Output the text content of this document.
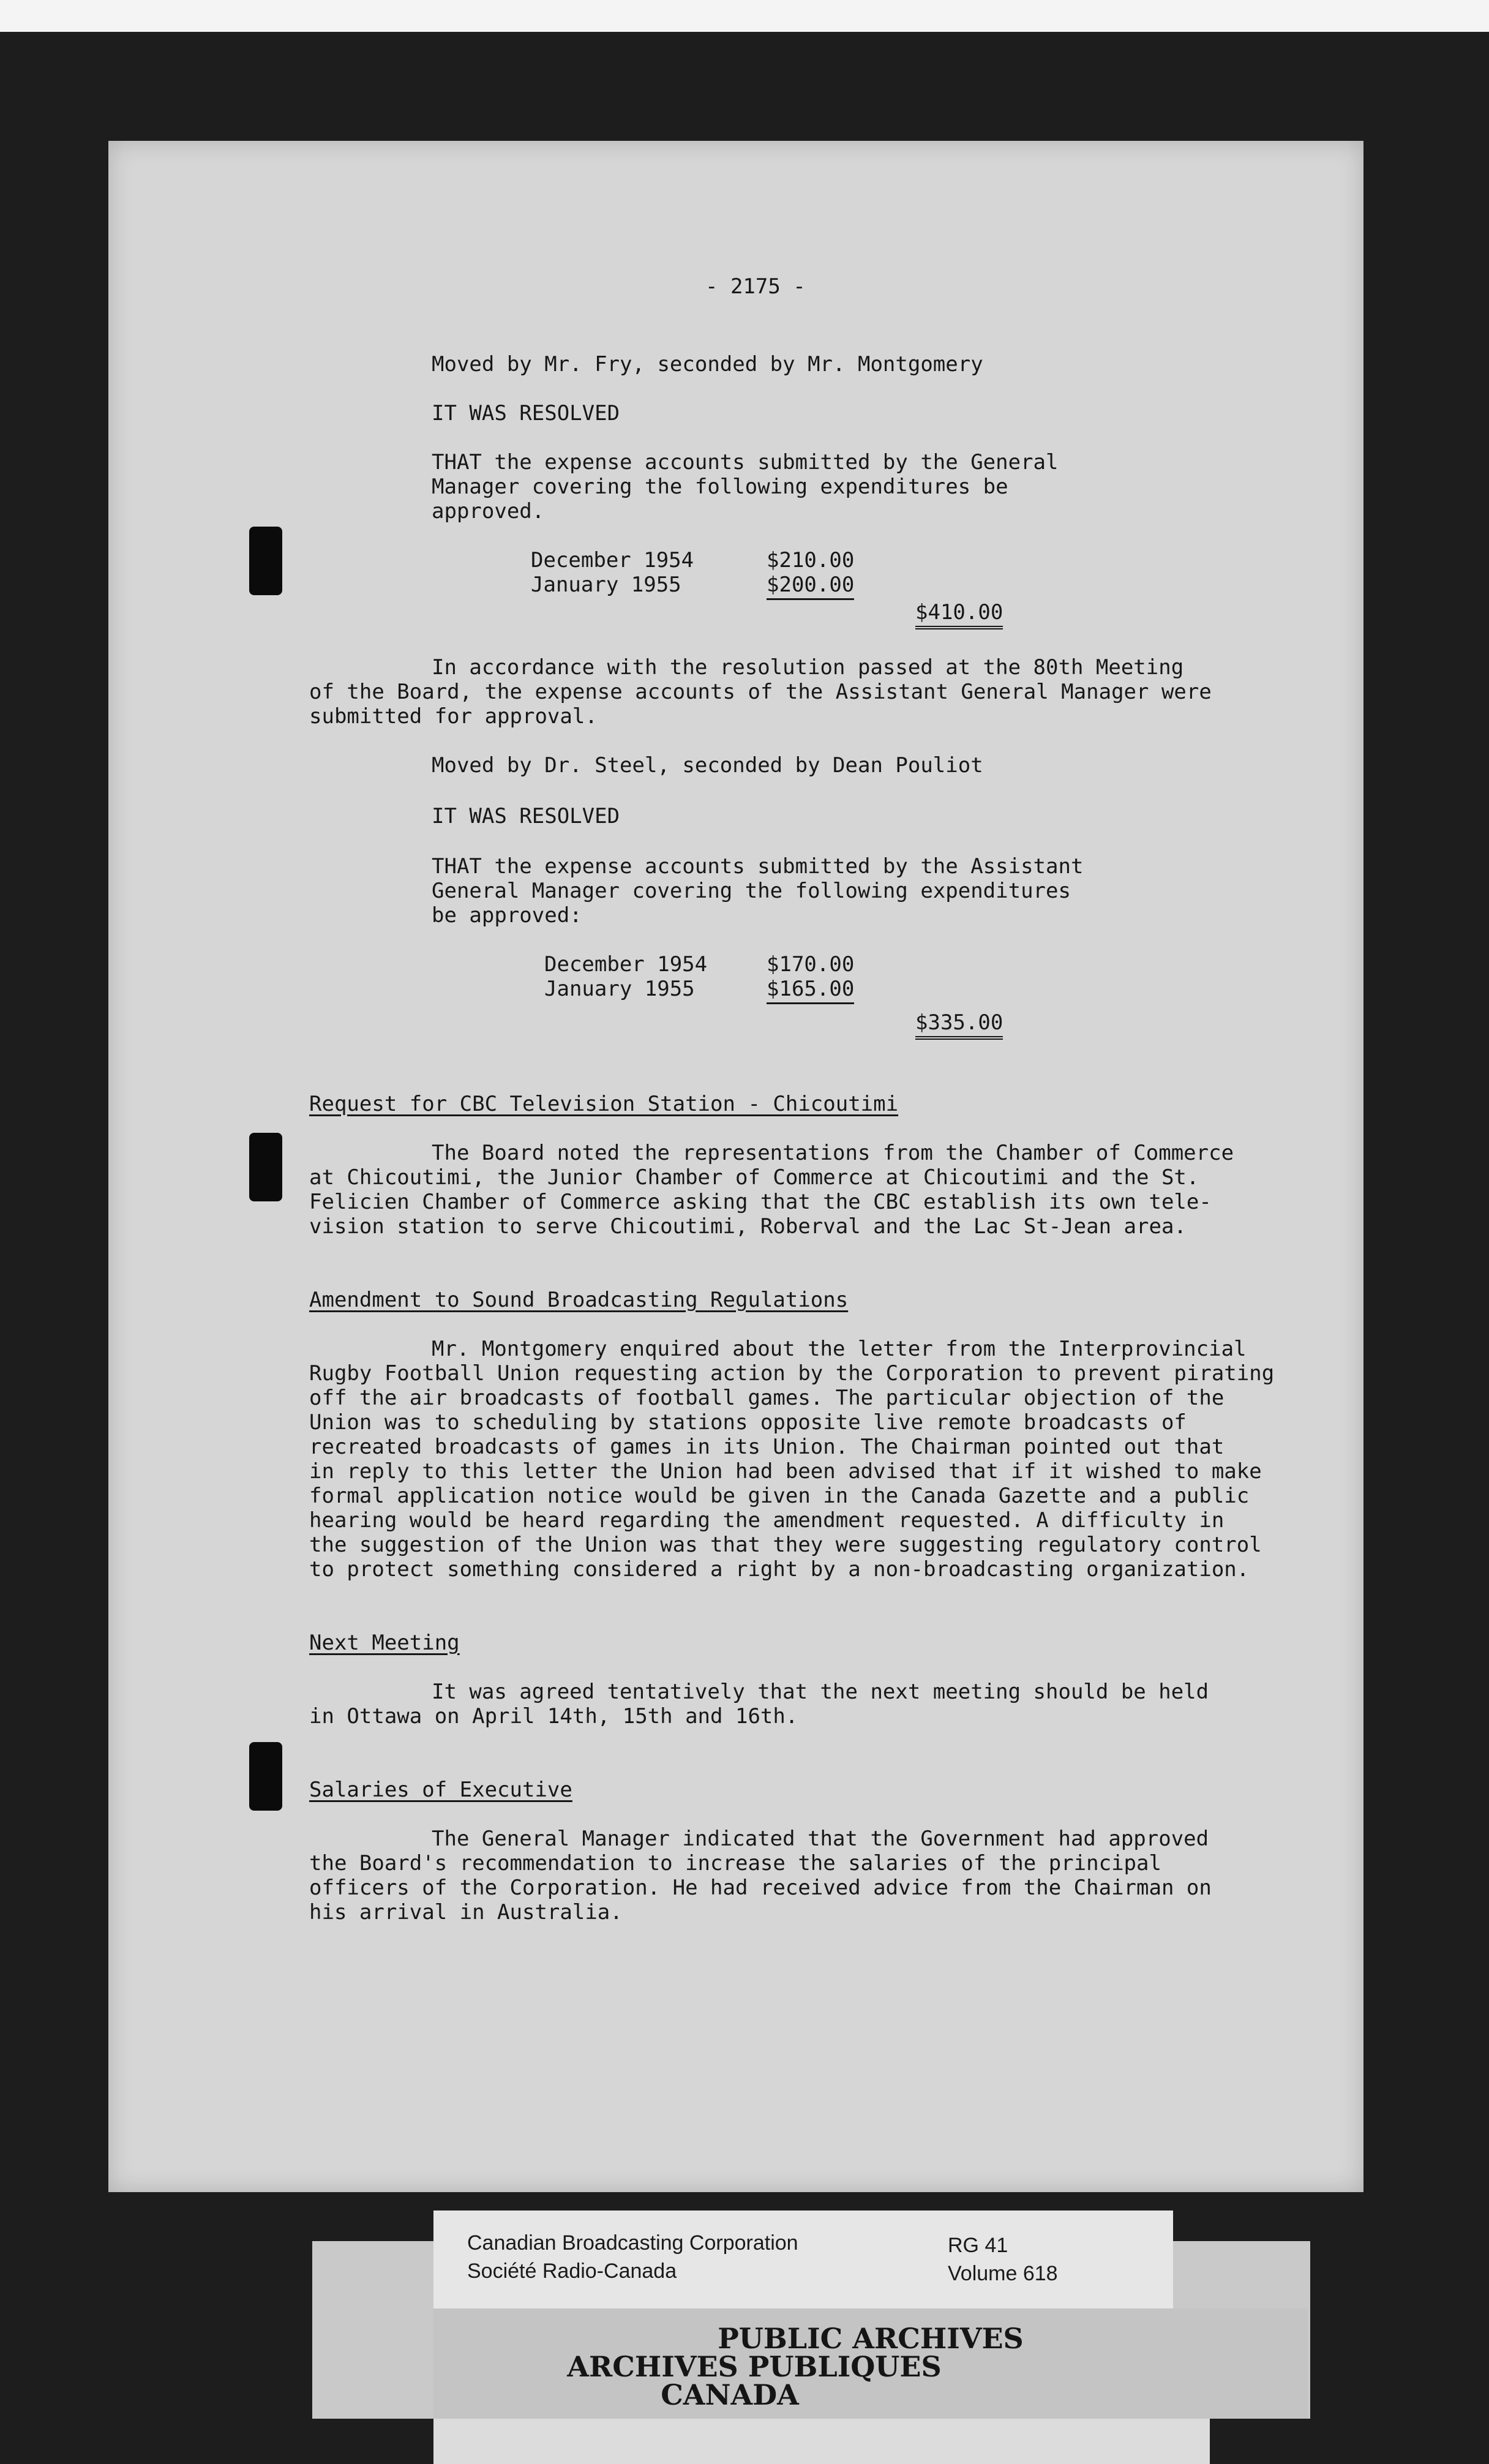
- 2175 -
Moved by Mr. Fry, seconded by Mr. Montgomery
IT WAS RESOLVED
THAT the expense accounts submitted by the General
Manager covering the following expenditures be
approved.
December 1954	$210.00
January 1955	$200.00
$410.00
In accordance with the resolution passed at the 80th Meeting
of the Board, the expense accounts of the Assistant General Manager were
submitted for approval.
Moved by Dr. Steel, seconded by Dean Pouliot
IT WAS RESOLVED
THAT the expense accounts submitted by the Assistant
General Manager covering the following expenditures
be approved:
December 1954	$170.00
January 1955	$165.00
$335.00
Request for CBC Television Station - Chicoutimi
The Board noted the representations from the Chamber of Commerce
at Chicoutimi, the Junior Chamber of Commerce at Chicoutimi and the St.
Felicien Chamber of Commerce asking that the CBC establish its own tele-
vision station to serve Chicoutimi, Roberval and the Lac St-Jean area.
Amendment to Sound Broadcasting Regulations
Mr. Montgomery enquired about the letter from the Interprovincial
Rugby Football Union requesting action by the Corporation to prevent pirating
off the air broadcasts of football games. The particular objection of the
Union was to scheduling by stations opposite live remote broadcasts of
recreated broadcasts of games in its Union. The Chairman pointed out that
in reply to this letter the Union had been advised that if it wished to make
formal application notice would be given in the Canada Gazette and a public
hearing would be heard regarding the amendment requested. A difficulty in
the suggestion of the Union was that they were suggesting regulatory control
to protect something considered a right by a non-broadcasting organization.
Next Meeting
It was agreed tentatively that the next meeting should be held
in Ottawa on April 14th, 15th and 16th.
Salaries of Executive
The General Manager indicated that the Government had approved
the Board's recommendation to increase the salaries of the principal
officers of the Corporation. He had received advice from the Chairman on
his arrival in Australia.
Canadian Broadcasting Corporation
Société Radio-Canada
RG 41
Volume 618
PUBLIC ARCHIVES
ARCHIVES PUBLIQUES
CANADA
